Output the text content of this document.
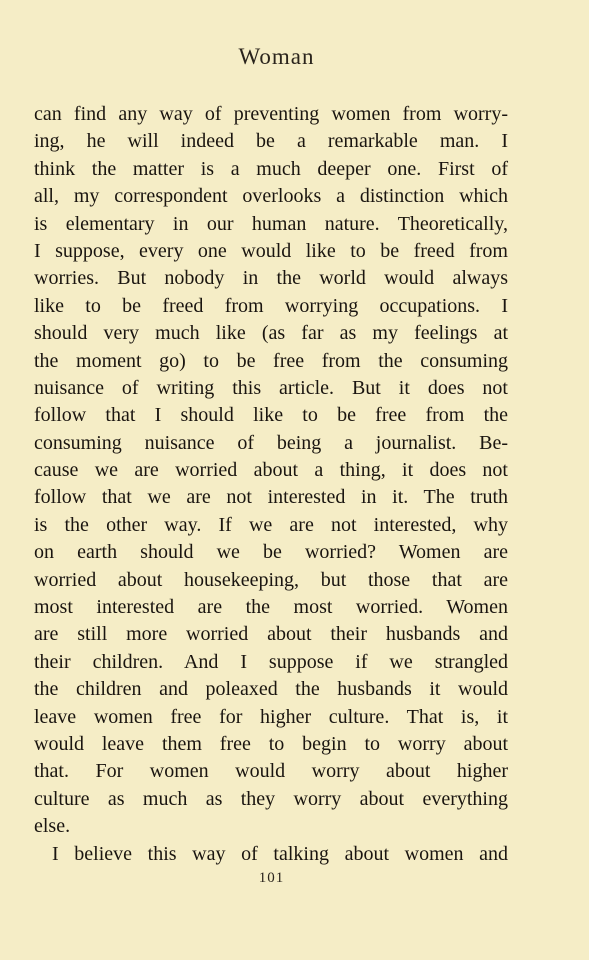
Woman
can find any way of preventing women from worry-
ing, he will indeed be a remarkable man. I
think the matter is a much deeper one. First of
all, my correspondent overlooks a distinction which
is elementary in our human nature. Theoretically,
I suppose, every one would like to be freed from
worries. But nobody in the world would always
like to be freed from worrying occupations. I
should very much like (as far as my feelings at
the moment go) to be free from the consuming
nuisance of writing this article. But it does not
follow that I should like to be free from the
consuming nuisance of being a journalist. Be-
cause we are worried about a thing, it does not
follow that we are not interested in it. The truth
is the other way. If we are not interested, why
on earth should we be worried? Women are
worried about housekeeping, but those that are
most interested are the most worried. Women
are still more worried about their husbands and
their children. And I suppose if we strangled
the children and poleaxed the husbands it would
leave women free for higher culture. That is, it
would leave them free to begin to worry about
that. For women would worry about higher
culture as much as they worry about everything
else.
I believe this way of talking about women and
101
